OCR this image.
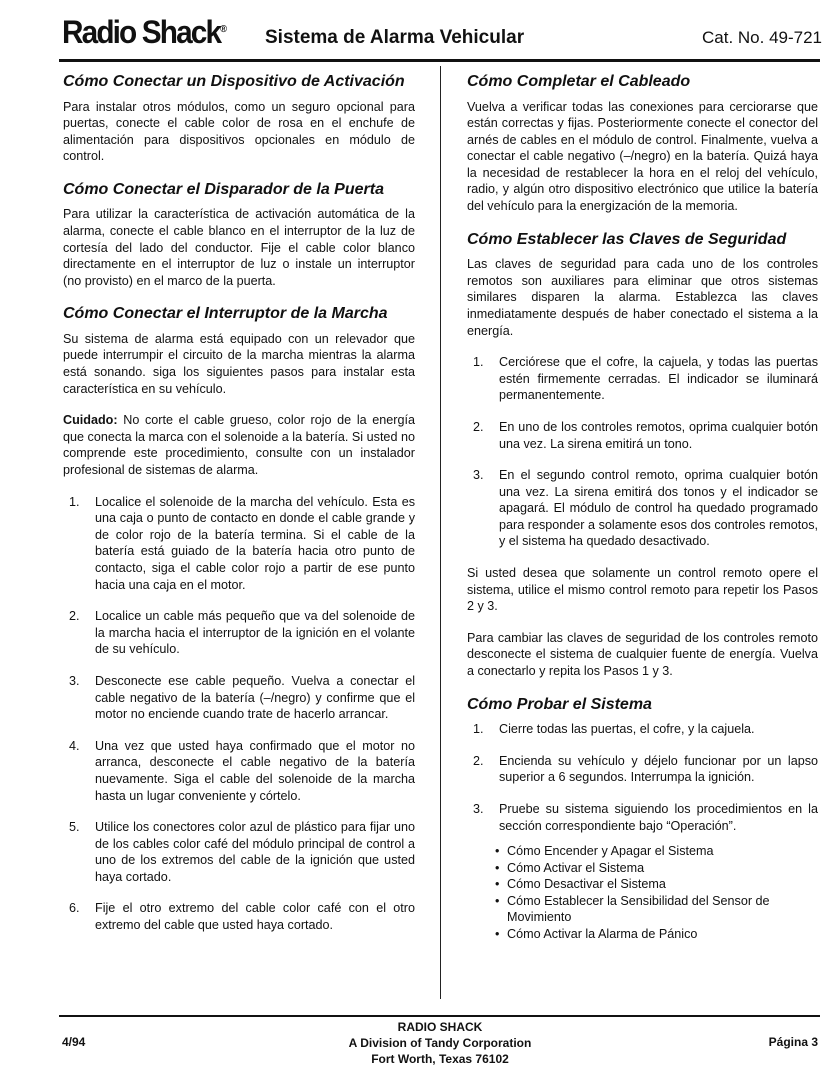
Radio Shack® Sistema de Alarma Vehicular	Cat. No. 49-721
Cómo Conectar un Dispositivo de Activación

Para instalar otros módulos, como un seguro opcional para puertas, conecte el cable color de rosa en el enchufe de alimentación para dispositivos opcionales en módulo de control.

Cómo Conectar el Disparador de la Puerta

Para utilizar la característica de activación automática de la alarma, conecte el cable blanco en el interruptor de la luz de cortesía del lado del conductor. Fije el cable color blanco directamente en el interruptor de luz o instale un interruptor (no provisto) en el marco de la puerta.

Cómo Conectar el Interruptor de la Marcha

Su sistema de alarma está equipado con un relevador que puede interrumpir el circuito de la marcha mientras la alarma está sonando. siga los siguientes pasos para instalar esta característica en su vehículo.

Cuidado: No corte el cable grueso, color rojo de la energía que conecta la marca con el solenoide a la batería. Si usted no comprende este procedimiento, consulte con un instalador profesional de sistemas de alarma.

1. Localice el solenoide de la marcha del vehículo. Esta es una caja o punto de contacto en donde el cable grande y de color rojo de la batería termina. Si el cable de la batería está guiado de la batería hacia otro punto de contacto, siga el cable color rojo a partir de ese punto hacia una caja en el motor.
2. Localice un cable más pequeño que va del solenoide de la marcha hacia el interruptor de la ignición en el volante de su vehículo.
3. Desconecte ese cable pequeño. Vuelva a conectar el cable negativo de la batería (–/negro) y confirme que el motor no enciende cuando trate de hacerlo arrancar.
4. Una vez que usted haya confirmado que el motor no arranca, desconecte el cable negativo de la batería nuevamente. Siga el cable del solenoide de la marcha hasta un lugar conveniente y córtelo.
5. Utilice los conectores color azul de plástico para fijar uno de los cables color café del módulo principal de control a uno de los extremos del cable de la ignición que usted haya cortado.
6. Fije el otro extremo del cable color café con el otro extremo del cable que usted haya cortado.
Cómo Completar el Cableado

Vuelva a verificar todas las conexiones para cerciorarse que están correctas y fijas. Posteriormente conecte el conector del arnés de cables en el módulo de control. Finalmente, vuelva a conectar el cable negativo (–/negro) en la batería. Quizá haya la necesidad de restablecer la hora en el reloj del vehículo, radio, y algún otro dispositivo electrónico que utilice la batería del vehículo para la energización de la memoria.

Cómo Establecer las Claves de Seguridad

Las claves de seguridad para cada uno de los controles remotos son auxiliares para eliminar que otros sistemas similares disparen la alarma. Establezca las claves inmediatamente después de haber conectado el sistema a la energía.

1. Cerciórese que el cofre, la cajuela, y todas las puertas estén firmemente cerradas. El indicador se iluminará permanentemente.
2. En uno de los controles remotos, oprima cualquier botón una vez. La sirena emitirá un tono.
3. En el segundo control remoto, oprima cualquier botón una vez. La sirena emitirá dos tonos y el indicador se apagará. El módulo de control ha quedado programado para responder a solamente esos dos controles remotos, y el sistema ha quedado desactivado.

Si usted desea que solamente un control remoto opere el sistema, utilice el mismo control remoto para repetir los Pasos 2 y 3.

Para cambiar las claves de seguridad de los controles remoto desconecte el sistema de cualquier fuente de energía. Vuelva a conectarlo y repita los Pasos 1 y 3.

Cómo Probar el Sistema
1. Cierre todas las puertas, el cofre, y la cajuela.
2. Encienda su vehículo y déjelo funcionar por un lapso superior a 6 segundos. Interrumpa la ignición.
3. Pruebe su sistema siguiendo los procedimientos en la sección correspondiente bajo “Operación”.
• Cómo Encender y Apagar el Sistema
• Cómo Activar el Sistema
• Cómo Desactivar el Sistema
• Cómo Establecer la Sensibilidad del Sensor de Movimiento
• Cómo Activar la Alarma de Pánico
4/94
RADIO SHACK
A Division of Tandy Corporation
Fort Worth, Texas 76102
Página 3
